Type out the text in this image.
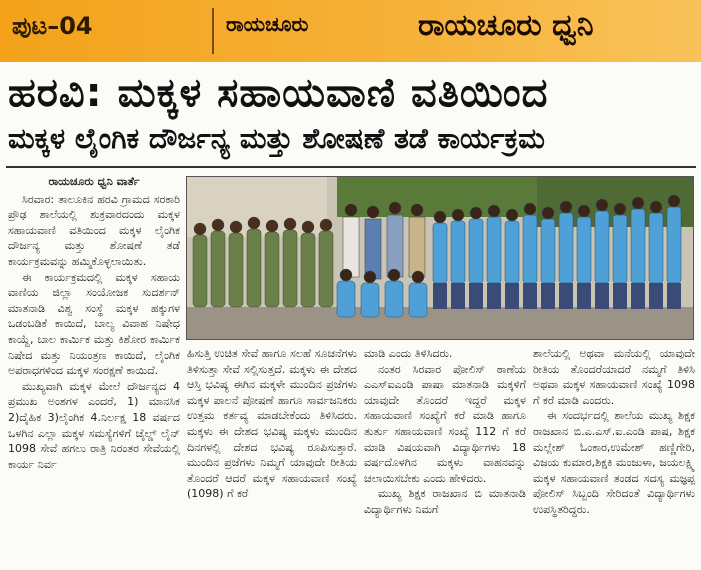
ಪುಟ–04	ರಾಯಚೂರು	ರಾಯಚೂರು ಧ್ವನಿ
ಹರವಿ: ಮಕ್ಕಳ ಸಹಾಯವಾಣಿ ವತಿಯಿಂದ
ಮಕ್ಕಳ ಲೈಂಗಿಕ ದೌರ್ಜನ್ಯ ಮತ್ತು ಶೋಷಣೆ ತಡೆ ಕಾರ್ಯಕ್ರಮ

ರಾಯಚೂರು ಧ್ವನಿ ವಾರ್ತೆ

ಸಿರವಾರ: ತಾಲೂಕಿನ ಹರವಿ ಗ್ರಾಮದ ಸರಕಾರಿ ಪ್ರೌಢ ಶಾಲೆಯಲ್ಲಿ ಶುಕ್ರವಾರದಂದು ಮಕ್ಕಳ ಸಹಾಯವಾಣಿ ವತಿಯಿಂದ ಮಕ್ಕಳ ಲೈಂಗಿಕ ದೌರ್ಜನ್ಯ ಮತ್ತು ಶೋಷಣೆ ತಡೆ ಕಾರ್ಯಕ್ರಮವನ್ನು ಹಮ್ಮಿಕೊಳ್ಳಲಾಯಿತು.

ಈ ಕಾರ್ಯಕ್ರಮದಲ್ಲಿ ಮಕ್ಕಳ ಸಹಾಯ ವಾಣಿಯ ಜಿಲ್ಲಾ ಸಂಯೋಜಕ ಸುದರ್ಶನ್ ಮಾತನಾಡಿ ವಿಶ್ವ ಸಂಸ್ಥೆ ಮಕ್ಕಳ ಹಕ್ಕುಗಳ ಒಡಂಬಡಿಕೆ ಕಾಯಿದೆ, ಬಾಲ್ಯ ವಿವಾಹ ನಿಷೇಧ ಕಾಯ್ದೆ, ಬಾಲ ಕಾರ್ಮಿಕ ಮತ್ತು ಕಿಶೋರ ಕಾರ್ಮಿಕ ನಿಷೇದ ಮತ್ತು ನಿಯಂತ್ರಣ ಕಾಯಿದೆ, ಲೈಂಗಿಕ ಅಪರಾಧಗಳಿಂದ ಮಕ್ಕಳ ಸಂರಕ್ಷಣೆ ಕಾಯಿದೆ.

ಮುಖ್ಯವಾಗಿ ಮಕ್ಕಳ ಮೇಲೆ ದೌರ್ಜನ್ಯದ 4 ಪ್ರಮುಖ ಅಂಶಗಳ ಎಂದರೆ, 1) ಮಾನಸಿಕ 2)ದೈಹಿಕ 3)ಲೈಂಗಿಕ 4.ನಿರ್ಲಕ್ಷ 18 ವರ್ಷದ ಒಳಗಿನ ಎಲ್ಲಾ ಮಕ್ಕಳ ಸಮಸ್ಯೆಗಳಿಗೆ ಚೈಲ್ಡ್ ಲೈನ್ 1098 ಸೇವೆ ಹಗಲು ರಾತ್ರಿ ನಿರಂತರ ಸೇವೆಯಲ್ಲಿ ಕಾರ್ಯ ನಿರ್ವ

ಹಿಸುತ್ತಿ ಉಚಿತ ಸೇವೆ ಹಾಗೂ ಸಲಹೆ ಸೂಚನೆಗಳು ತಿಳಿಸುತ್ತಾ ಸೇವೆ ಸಲ್ಲಿಸುತ್ತದೆ. ಮಕ್ಕಳು ಈ ದೇಶದ ಆಸ್ತಿ ಭವಿಷ್ಯ ಈಗಿನ ಮಕ್ಕಳೇ ಮುಂದಿನ ಪ್ರಜೆಗಳು ಮಕ್ಕಳ ಪಾಲನೆ ಪೋಷಣೆ ಹಾಗೂ ಸಾರ್ವಜನಿಕರು ಉತ್ತಮ ಕರ್ತವ್ಯ ಮಾಡಬೇಕೆಂದು ತಿಳಿಸಿದರು. ಮಕ್ಕಳು ಈ ದೇಶದ ಭವಿಷ್ಯ ಮಕ್ಕಳು ಮುಂದಿನ ದಿನಗಳಲ್ಲಿ ದೇಶದ ಭವಿಷ್ಯ ರೂಪಿಸುತ್ತಾರೆ. ಮುಂದಿನ ಪ್ರಜೆಗಳು ನಿಮ್ಮಗೆ ಯಾವುದೇ ರೀತಿಯ ತೊಂದರೆ ಆದರೆ ಮಕ್ಕಳ ಸಹಾಯವಾಣಿ ಸಂಖ್ಯೆ (1098) ಗೆ ಕರೆ

ಮಾಡಿ ಎಂದು ತಿಳಿಸಿದರು.

ನಂತರ ಸಿರವಾರ ಪೋಲಿಸ್ ಠಾಣೆಯ ಎಎಸ್‌ಐಎಂಡಿ ಪಾಷಾ ಮಾತನಾಡಿ ಮಕ್ಕಳಿಗೆ ಯಾವುದೇ ತೊಂದರೆ ಇದ್ದರೆ ಮಕ್ಕಳ ಸಹಾಯವಾಣಿ ಸಂಖ್ಯೆಗೆ ಕರೆ ಮಾಡಿ ಹಾಗೂ ತುರ್ತು ಸಹಾಯವಾಣಿ ಸಂಖ್ಯೆ 112 ಗೆ ಕರೆ ಮಾಡಿ ವಿಷಯವಾಗಿ ವಿದ್ಯಾರ್ಥಿಗಳು 18 ವರ್ಷದೊಳಗಿನ ಮಕ್ಕಳು ವಾಹನವನ್ನು ಚಲಾಯಿಸಬೇಕು ಎಂದು ಹೇಳಿದರು.

ಮುಖ್ಯ ಶಿಕ್ಷಕ ರಾಜಖಾನ ಬಿ ಮಾತನಾಡಿ ವಿದ್ಯಾರ್ಥಿಗಳು ನಿಮಗೆ

ಶಾಲೆಯಲ್ಲಿ ಅಥವಾ ಮನೆಯಲ್ಲಿ ಯಾವುದೇ ರೀತಿಯ ತೊಂದರೆಯಾದರೆ ನಮ್ಮಗೆ ತಿಳಿಸಿ ಅಥವಾ ಮಕ್ಕಳ ಸಹಾಯವಾಣಿ ಸಂಖ್ಯೆ 1098 ಗೆ ಕರೆ ಮಾಡಿ ಎಂದರು.

ಈ ಸಂದರ್ಭದಲ್ಲಿ ಶಾಲೆಯ ಮುಖ್ಯ ಶಿಕ್ಷಕ ರಾಜಖಾನ ಬಿ.ಎ.ಎಸ್.ಐ.ಎಂಡಿ ಪಾಷ, ಶಿಕ್ಷಕ ಮಲ್ಲೇಶ್ ಓಂಕಾರ,ಉಮೇಶ್ ಹಣ್ಣಿಗೇರಿ, ವಿಜಯ ಕುಮಾರ,ಶಿಕ್ಷಕಿ ಮಂಜುಳಾ, ಜಯಲಕ್ಷ್ಮಿ ಮಕ್ಕಳ ಸಹಾಯವಾಣಿ ತಂಡದ ಸದಸ್ಯ ಮಜ್ಞಪ್ಪ ಪೋಲಿಸ್ ಸಿಬ್ಬಂದಿ ಸೇರಿದಂತೆ ವಿದ್ಯಾರ್ಥಿಗಳು ಉಪಸ್ಥಿತರಿದ್ದರು.
